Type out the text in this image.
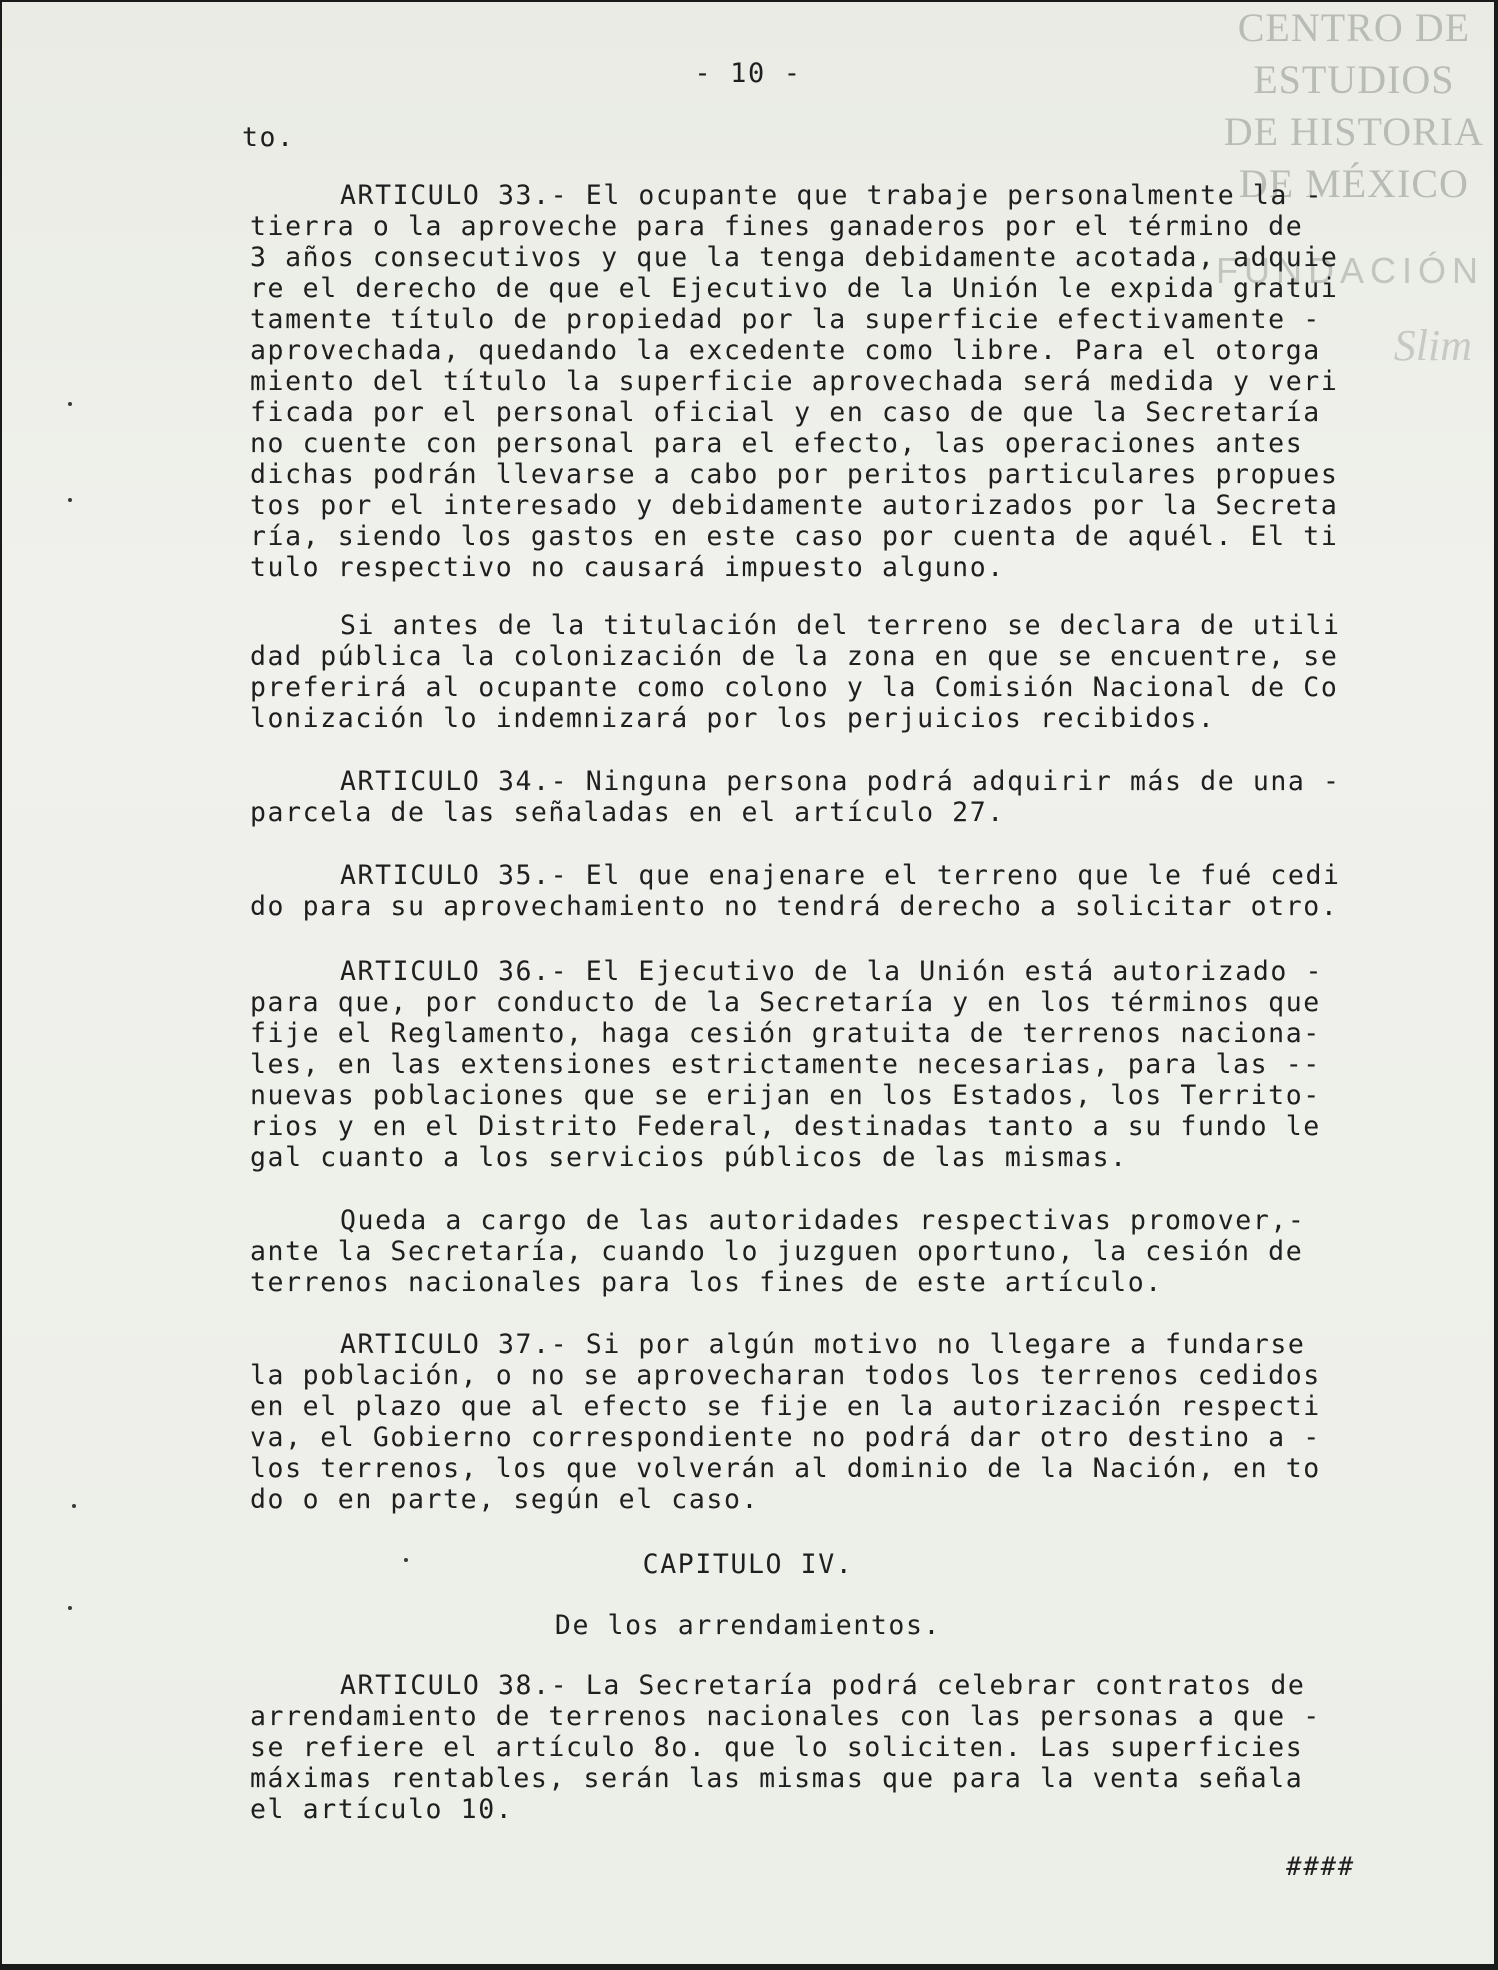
CENTRO DE
ESTUDIOS
DE HISTORIA
DE MÉXICO
FUNDACIÓN
Slim
- 10 -
to.
ARTICULO 33.- El ocupante que trabaje personalmente la -
tierra o la aproveche para fines ganaderos por el término de
3 años consecutivos y que la tenga debidamente acotada, adquie
re el derecho de que el Ejecutivo de la Unión le expida gratui
tamente título de propiedad por la superficie efectivamente -
aprovechada, quedando la excedente como libre. Para el otorga
miento del título la superficie aprovechada será medida y veri
ficada por el personal oficial y en caso de que la Secretaría
no cuente con personal para el efecto, las operaciones antes
dichas podrán llevarse a cabo por peritos particulares propues
tos por el interesado y debidamente autorizados por la Secreta
ría, siendo los gastos en este caso por cuenta de aquél. El ti
tulo respectivo no causará impuesto alguno.
Si antes de la titulación del terreno se declara de utili
dad pública la colonización de la zona en que se encuentre, se
preferirá al ocupante como colono y la Comisión Nacional de Co
lonización lo indemnizará por los perjuicios recibidos.
ARTICULO 34.- Ninguna persona podrá adquirir más de una -
parcela de las señaladas en el artículo 27.
ARTICULO 35.- El que enajenare el terreno que le fué cedi
do para su aprovechamiento no tendrá derecho a solicitar otro.
ARTICULO 36.- El Ejecutivo de la Unión está autorizado -
para que, por conducto de la Secretaría y en los términos que
fije el Reglamento, haga cesión gratuita de terrenos naciona-
les, en las extensiones estrictamente necesarias, para las --
nuevas poblaciones que se erijan en los Estados, los Territo-
rios y en el Distrito Federal, destinadas tanto a su fundo le
gal cuanto a los servicios públicos de las mismas.
Queda a cargo de las autoridades respectivas promover,-
ante la Secretaría, cuando lo juzguen oportuno, la cesión de
terrenos nacionales para los fines de este artículo.
ARTICULO 37.- Si por algún motivo no llegare a fundarse
la población, o no se aprovecharan todos los terrenos cedidos
en el plazo que al efecto se fije en la autorización respecti
va, el Gobierno correspondiente no podrá dar otro destino a -
los terrenos, los que volverán al dominio de la Nación, en to
do o en parte, según el caso.
CAPITULO IV.
De los arrendamientos.
ARTICULO 38.- La Secretaría podrá celebrar contratos de
arrendamiento de terrenos nacionales con las personas a que -
se refiere el artículo 8o. que lo soliciten. Las superficies
máximas rentables, serán las mismas que para la venta señala
el artículo 10.
####
